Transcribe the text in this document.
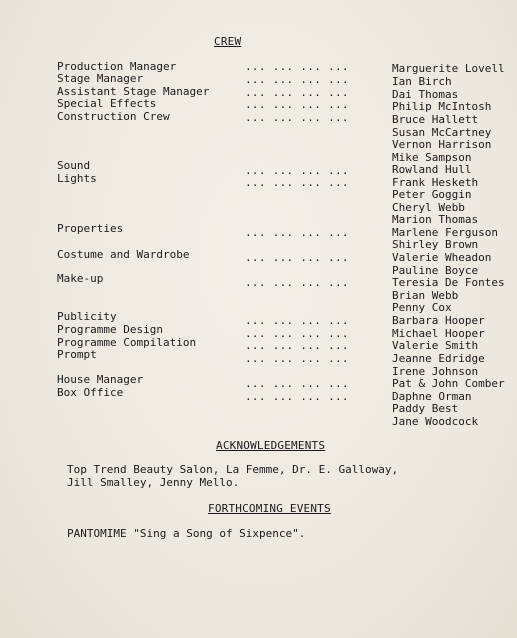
CREW
Production Manager
Stage Manager
Assistant Stage Manager
Special Effects
Construction Crew
Sound
Lights
Properties
Costume and Wardrobe
Make-up
Publicity
Programme Design
Programme Compilation
Prompt
House Manager
Box Office
... ... ... ...
... ... ... ...
... ... ... ...
... ... ... ...
... ... ... ...
... ... ... ...
... ... ... ...
... ... ... ...
... ... ... ...
... ... ... ...
... ... ... ...
... ... ... ...
... ... ... ...
... ... ... ...
... ... ... ...
... ... ... ...
Marguerite Lovell
Ian Birch
Dai Thomas
Philip McIntosh
Bruce Hallett
Susan McCartney
Vernon Harrison
Mike Sampson
Rowland Hull
Frank Hesketh
Peter Goggin
Cheryl Webb
Marion Thomas
Marlene Ferguson
Shirley Brown
Valerie Wheadon
Pauline Boyce
Teresia De Fontes
Brian Webb
Penny Cox
Barbara Hooper
Michael Hooper
Valerie Smith
Jeanne Edridge
Irene Johnson
Pat & John Comber
Daphne Orman
Paddy Best
Jane Woodcock
ACKNOWLEDGEMENTS
Top Trend Beauty Salon, La Femme, Dr. E. Galloway,
Jill Smalley, Jenny Mello.
FORTHCOMING EVENTS
PANTOMIME "Sing a Song of Sixpence".
